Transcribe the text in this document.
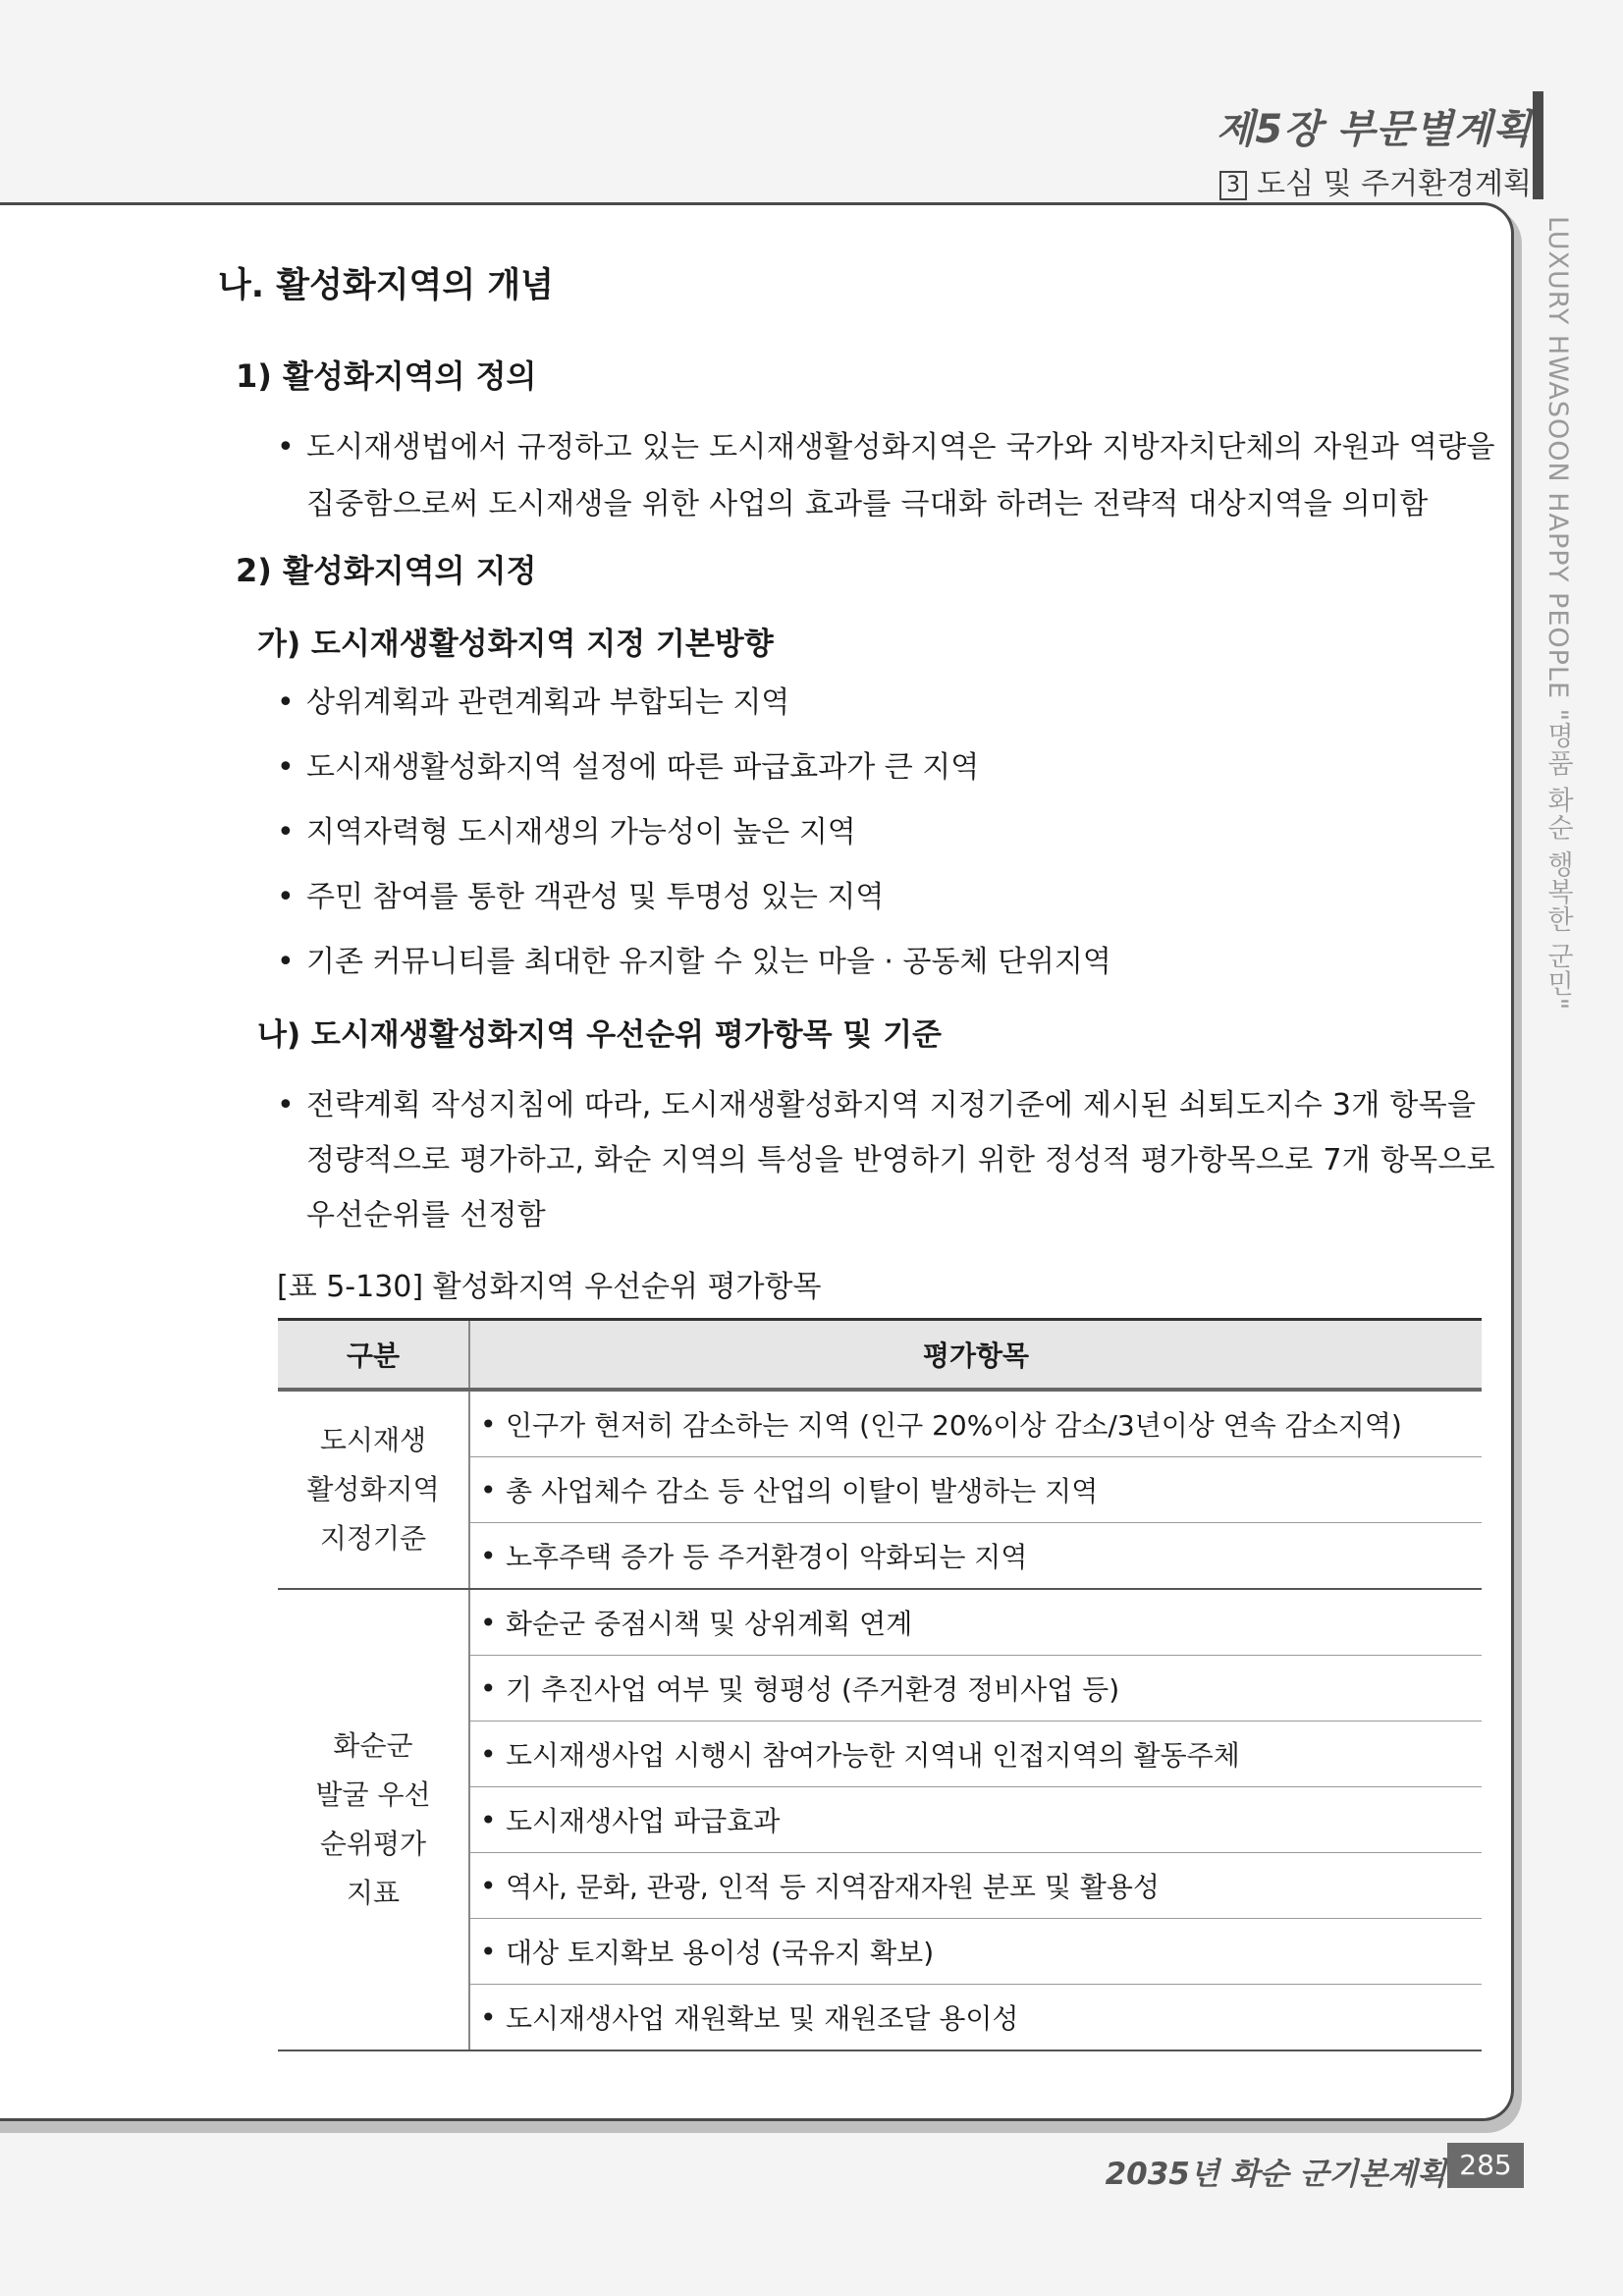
제5장 부문별계획
3 도심 및 주거환경계획
LUXURY HWASOON HAPPY PEOPLE "명품 화순 행복한 군민"
나. 활성화지역의 개념
1) 활성화지역의 정의
• 도시재생법에서 규정하고 있는 도시재생활성화지역은 국가와 지방자치단체의 자원과 역량을
집중함으로써 도시재생을 위한 사업의 효과를 극대화 하려는 전략적 대상지역을 의미함
2) 활성화지역의 지정
가) 도시재생활성화지역 지정 기본방향
• 상위계획과 관련계획과 부합되는 지역
• 도시재생활성화지역 설정에 따른 파급효과가 큰 지역
• 지역자력형 도시재생의 가능성이 높은 지역
• 주민 참여를 통한 객관성 및 투명성 있는 지역
• 기존 커뮤니티를 최대한 유지할 수 있는 마을 · 공동체 단위지역
나) 도시재생활성화지역 우선순위 평가항목 및 기준
• 전략계획 작성지침에 따라, 도시재생활성화지역 지정기준에 제시된 쇠퇴도지수 3개 항목을
정량적으로 평가하고, 화순 지역의 특성을 반영하기 위한 정성적 평가항목으로 7개 항목으로
우선순위를 선정함
[표 5-130] 활성화지역 우선순위 평가항목
구분	평가항목
도시재생
활성화지역
지정기준
• 인구가 현저히 감소하는 지역 (인구 20%이상 감소/3년이상 연속 감소지역)
• 총 사업체수 감소 등 산업의 이탈이 발생하는 지역
• 노후주택 증가 등 주거환경이 악화되는 지역
화순군
발굴 우선
순위평가
지표
• 화순군 중점시책 및 상위계획 연계
• 기 추진사업 여부 및 형평성 (주거환경 정비사업 등)
• 도시재생사업 시행시 참여가능한 지역내 인접지역의 활동주체
• 도시재생사업 파급효과
• 역사, 문화, 관광, 인적 등 지역잠재자원 분포 및 활용성
• 대상 토지확보 용이성 (국유지 확보)
• 도시재생사업 재원확보 및 재원조달 용이성
2035년 화순 군기본계획 285
